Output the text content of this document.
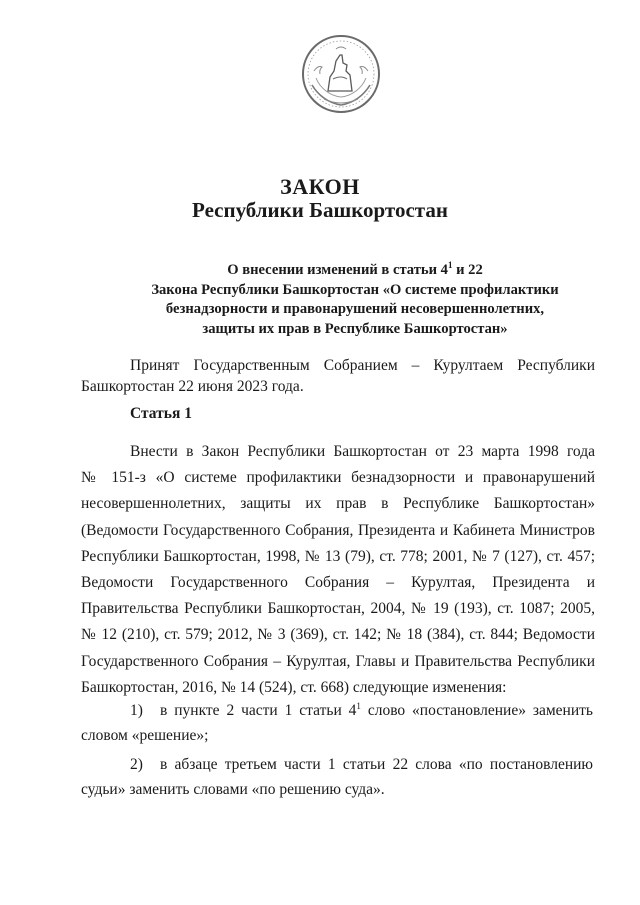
ЗАКОН
Республики Башкортостан
О внесении изменений в статьи $4^1$ и 22
Закона Республики Башкортостан «О системе профилактики
безнадзорности и правонарушений несовершеннолетних,
защиты их прав в Республике Башкортостан»
Принят Государственным Собранием – Курултаем Республики
Башкортостан 22 июня 2023 года.
Статья 1
Внести в Закон Республики Башкортостан от 23 марта 1998 года
№ 151-з «О системе профилактики безнадзорности и правонарушений
несовершеннолетних, защиты их прав в Республике Башкортостан»
(Ведомости Государственного Собрания, Президента и Кабинета Министров
Республики Башкортостан, 1998, № 13 (79), ст. 778; 2001, № 7 (127), ст. 457;
Ведомости Государственного Собрания – Курултая, Президента и
Правительства Республики Башкортостан, 2004, № 19 (193), ст. 1087; 2005,
№ 12 (210), ст. 579; 2012, № 3 (369), ст. 142; № 18 (384), ст. 844; Ведомости
Государственного Собрания – Курултая, Главы и Правительства Республики
Башкортостан, 2016, № 14 (524), ст. 668) следующие изменения:
1) в пункте 2 части 1 статьи $4^1$ слово «постановление» заменить
словом «решение»;
2) в абзаце третьем части 1 статьи 22 слова «по постановлению
судьи» заменить словами «по решению суда».
